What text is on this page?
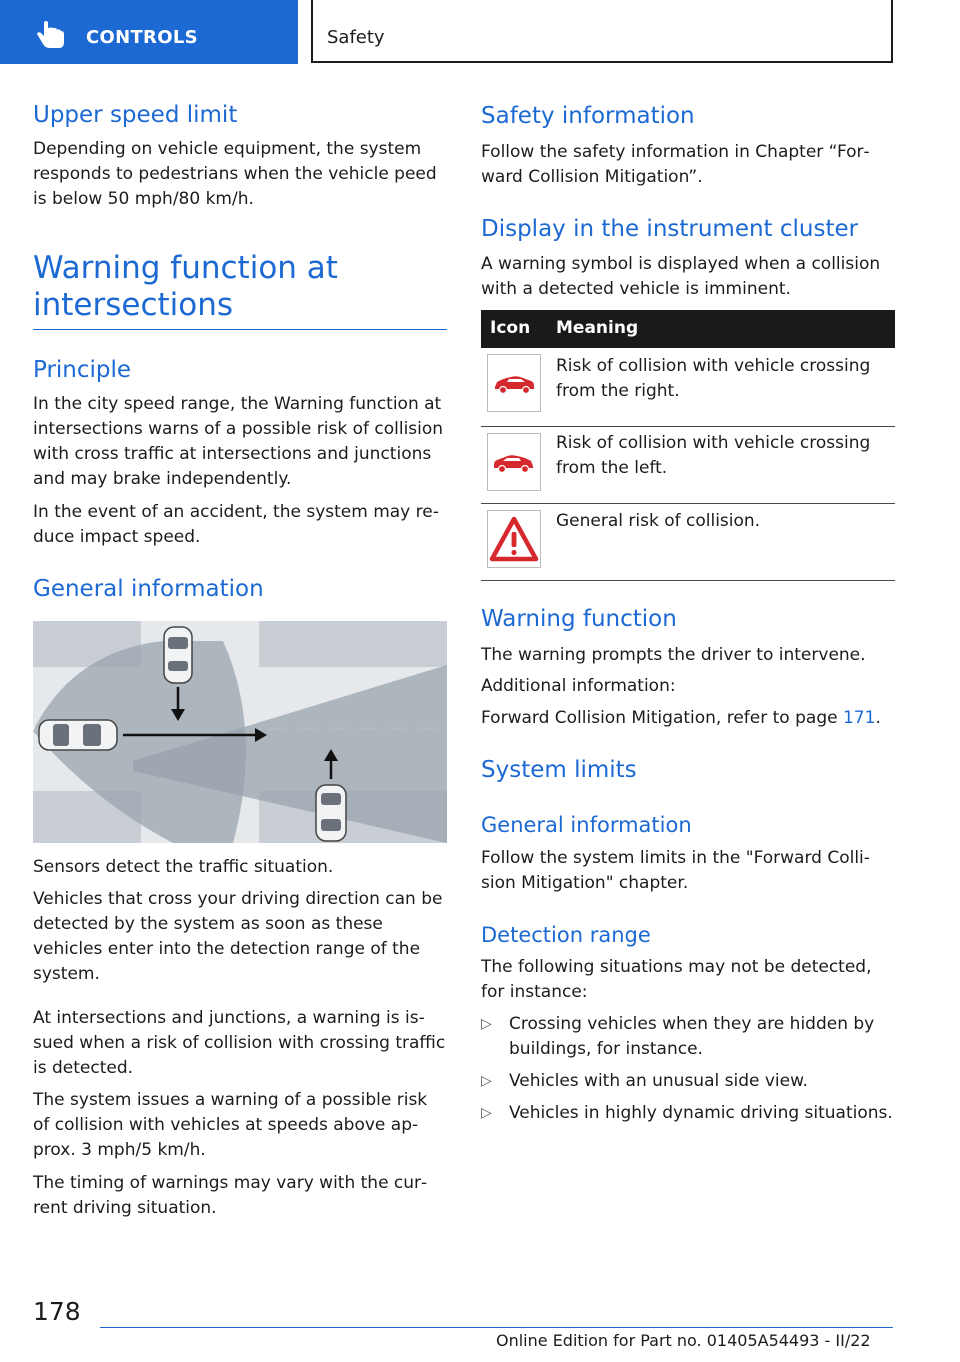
CONTROLS	Safety
Upper speed limit

Depending on vehicle equipment, the system responds to pedestrians when the vehicle peed is below 50 mph/80 km/h.

Warning function at intersections
Principle

In the city speed range, the Warning function at intersections warns of a possible risk of collision with cross traffic at intersections and junctions and may brake independently.

In the event of an accident, the system may reduce impact speed.

General information

Sensors detect the traffic situation.

Vehicles that cross your driving direction can be detected by the system as soon as these vehicles enter into the detection range of the system.

At intersections and junctions, a warning is issued when a risk of collision with crossing traffic is detected.

The system issues a warning of a possible risk of collision with vehicles at speeds above approx. 3 mph/5 km/h.

The timing of warnings may vary with the current driving situation.

Safety information

Follow the safety information in Chapter “Forward Collision Mitigation”.

Display in the instrument cluster

A warning symbol is displayed when a collision with a detected vehicle is imminent.

Icon Meaning

Risk of collision with vehicle crossing from the right.

Risk of collision with vehicle crossing from the left.

General risk of collision.

Warning function

The warning prompts the driver to intervene.

Additional information:

Forward Collision Mitigation, refer to page 171.

System limits
General information

Follow the system limits in the "Forward Collision Mitigation" chapter.

Detection range

The following situations may not be detected, for instance:

▷ Crossing vehicles when they are hidden by buildings, for instance.

▷ Vehicles with an unusual side view.

▷ Vehicles in highly dynamic driving situations.

178
Online Edition for Part no. 01405A54493 - II/22
